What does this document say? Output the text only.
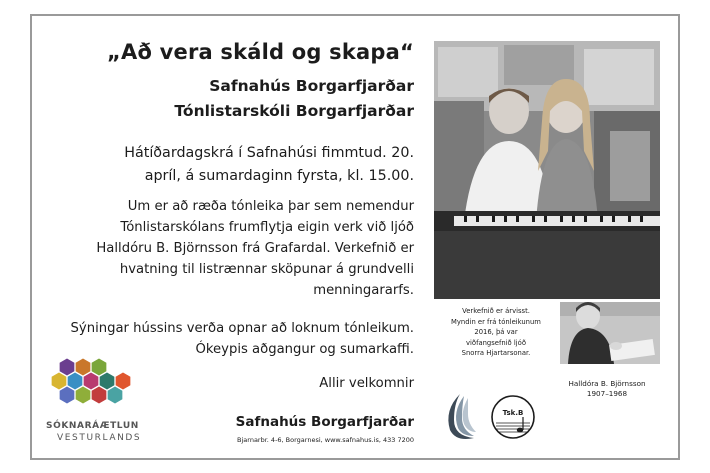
„Að vera skáld og skapa“
Safnahús Borgarfjarðar
Tónlistarskóli Borgarfjarðar
Hátíðardagskrá í Safnahúsi fimmtud. 20.
apríl, á sumardaginn fyrsta, kl. 15.00.
Um er að ræða tónleika þar sem nemendur
Tónlistarskólans frumflytja eigin verk við ljóð
Halldóru B. Björnsson frá Grafardal. Verkefnið er
hvatning til listrænnar sköpunar á grundvelli
menningararfs.
Sýningar hússins verða opnar að loknum tónleikum.
Ókeypis aðgangur og sumarkaffi.
Allir velkomnir
Safnahús Borgarfjarðar
Bjarnarbr. 4-6, Borgarnesi, www.safnahus.is, 433 7200
Verkefnið er árvisst.
Myndin er frá tónleikunum
2016, þá var
viðfangsefnið ljóð
Snorra Hjartarsonar.
Halldóra B. Björnsson
1907–1968
SÓKNARÁÆTLUN
VESTURLANDS
Tsk.B
